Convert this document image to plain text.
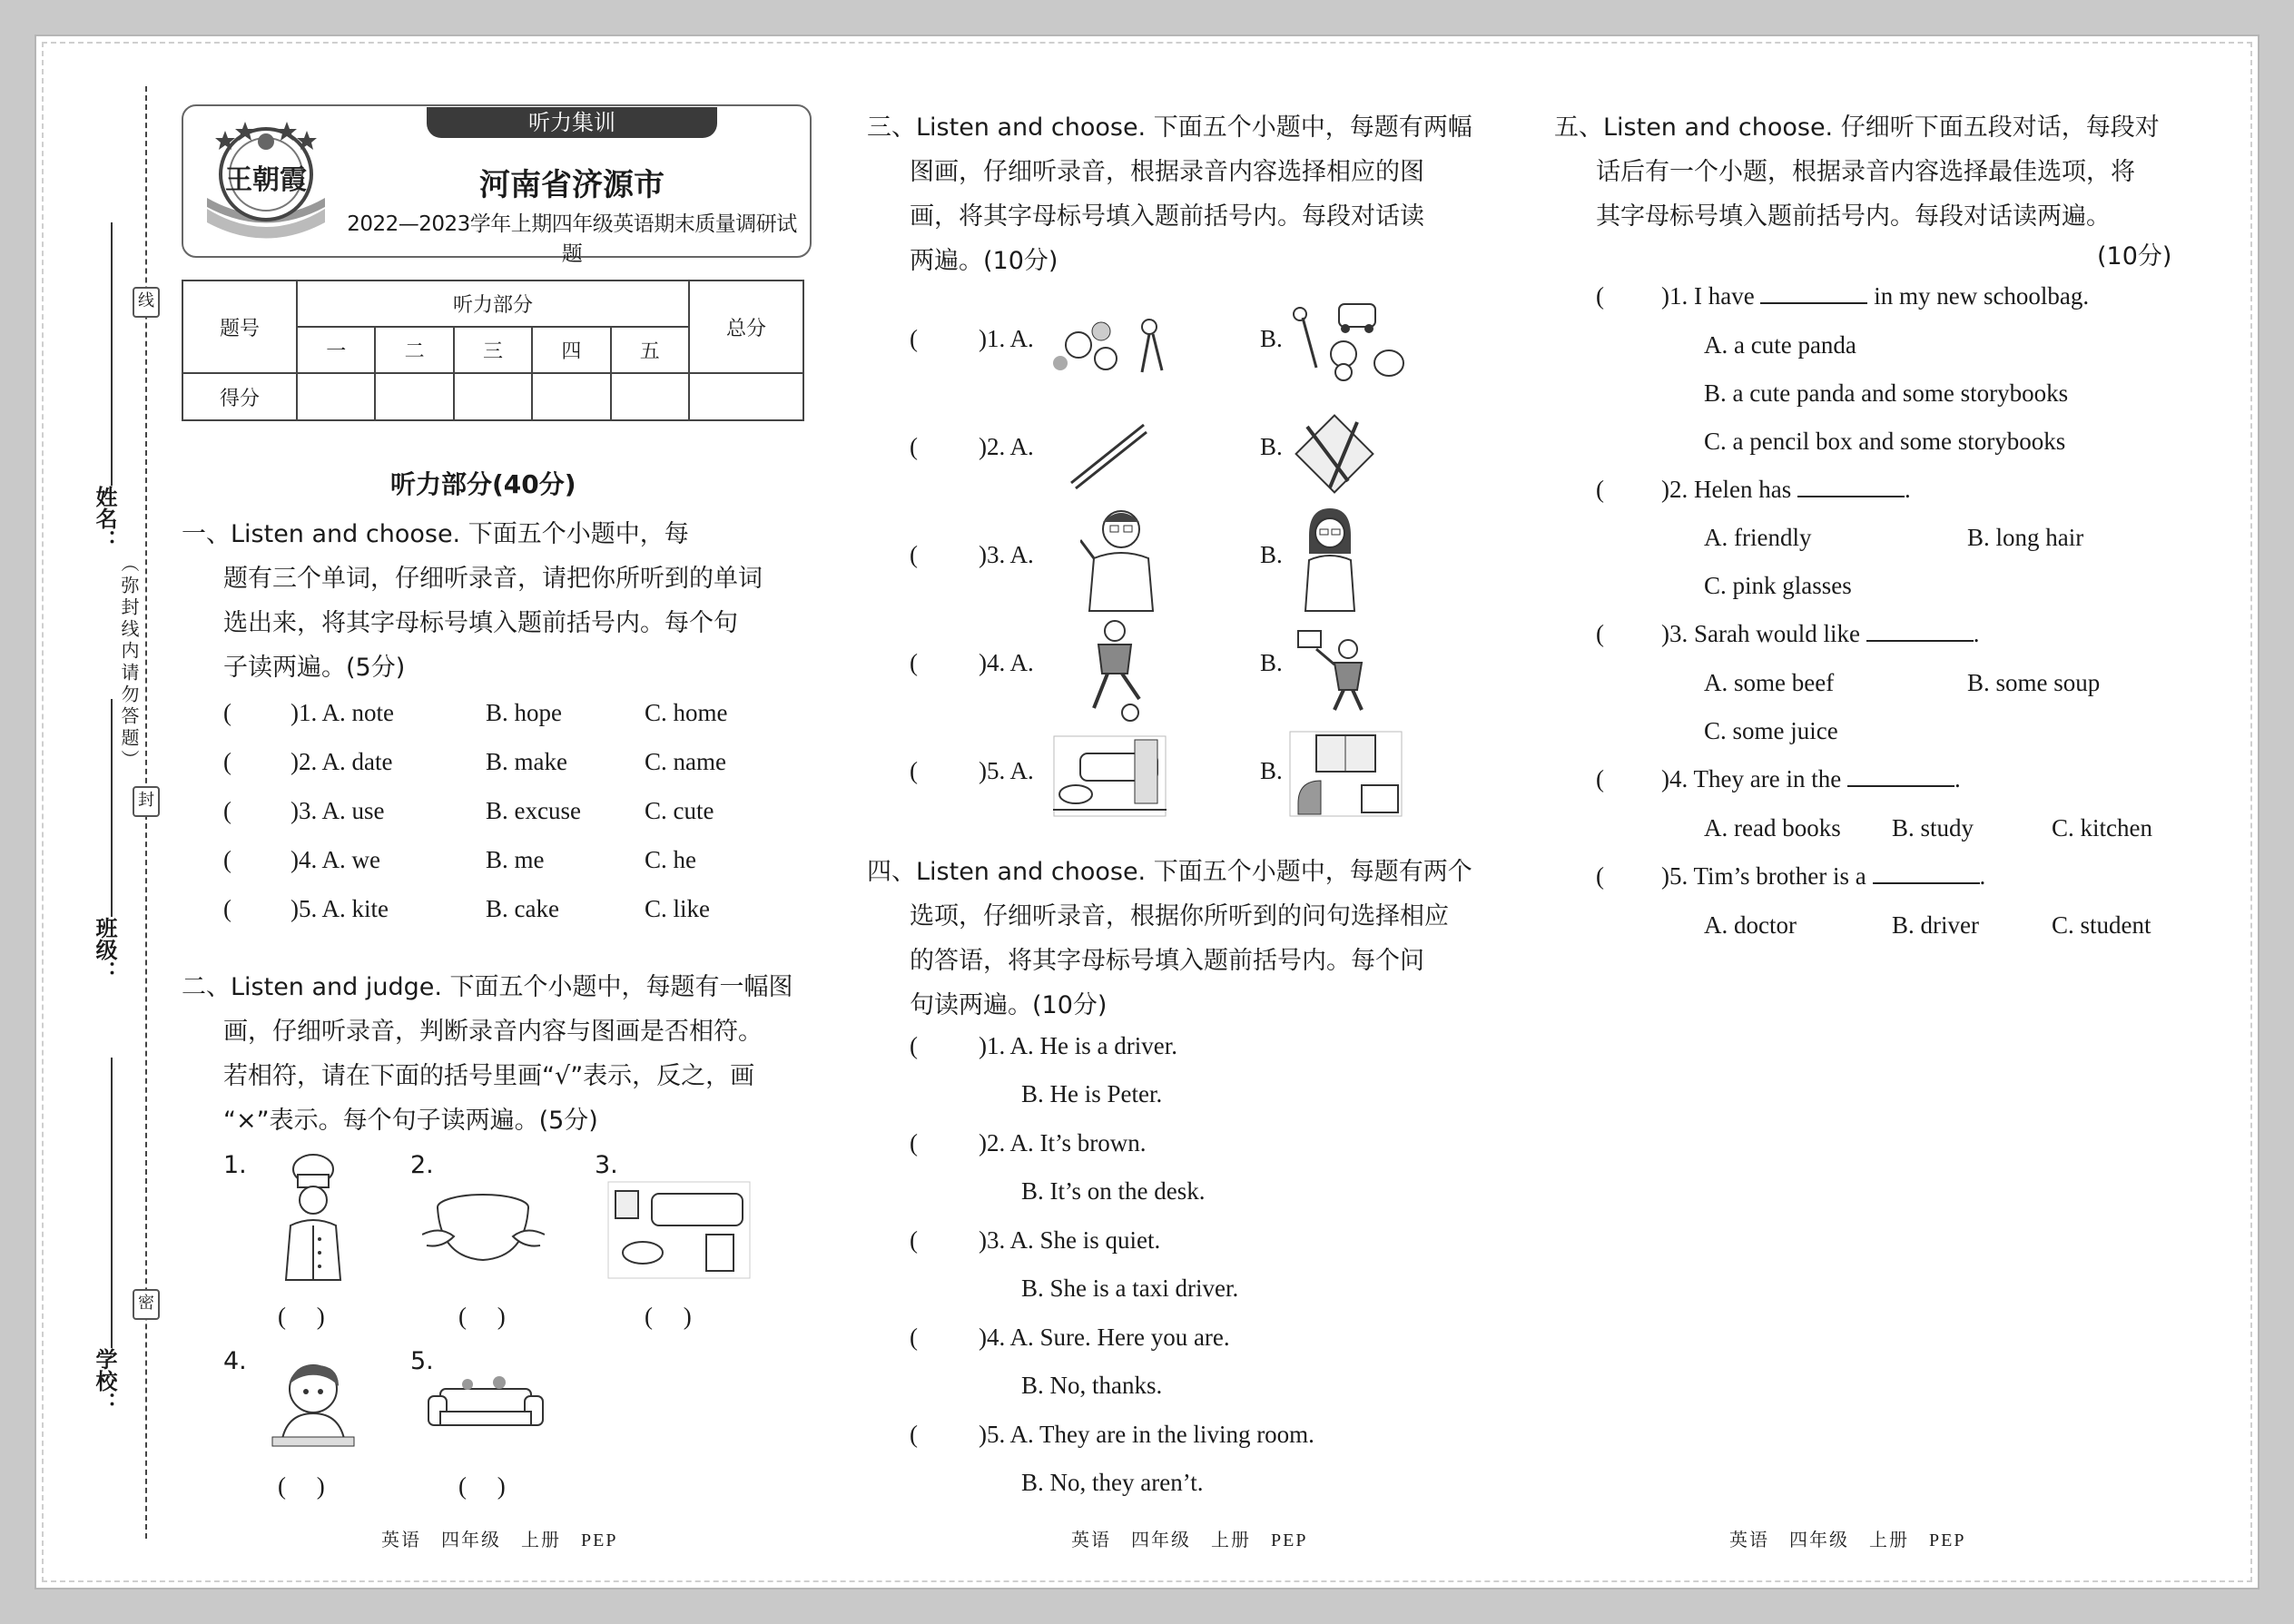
线
封
密
（弥封线内请勿答题）
姓名：
班级：
学校：
听力集训
王朝霞	河南省济源市
2022—2023学年上期四年级英语期末质量调研试题
题号	听力部分					总分
	一	二	三	四	五	
得分						
听力部分(40分)
一、Listen and choose. 下面五个小题中，每
题有三个单词，仔细听录音，请把你所听到的单词
选出来，将其字母标号填入题前括号内。每个句
子读两遍。(5分)
( )1. A. note	B. hope	C. home
( )2. A. date	B. make	C. name
( )3. A. use	B. excuse	C. cute
( )4. A. we	B. me	C. he
( )5. A. kite	B. cake	C. like
二、Listen and judge. 下面五个小题中，每题有一幅图
画，仔细听录音，判断录音内容与图画是否相符。
若相符，请在下面的括号里画“√”表示，反之，画
“×”表示。每个句子读两遍。(5分)
1.	2.	3.
4.	5.
(　 )	(　 )	(　 )
(　 )	(　 )
英语　四年级　上册　PEP
三、Listen and choose. 下面五个小题中，每题有两幅
图画，仔细听录音，根据录音内容选择相应的图
画，将其字母标号填入题前括号内。每段对话读
两遍。(10分)
( )1. A.	B.
( )2. A.	B.
( )3. A.	B.
( )4. A.	B.
( )5. A.	B.
四、Listen and choose. 下面五个小题中，每题有两个
选项，仔细听录音，根据你所听到的问句选择相应
的答语，将其字母标号填入题前括号内。每个问
句读两遍。(10分)
( )1. A. He is a driver.
B. He is Peter.
( )2. A. It’s brown.
B. It’s on the desk.
( )3. A. She is quiet.
B. She is a taxi driver.
( )4. A. Sure. Here you are.
B. No, thanks.
( )5. A. They are in the living room.
B. No, they aren’t.
英语　四年级　上册　PEP
五、Listen and choose. 仔细听下面五段对话，每段对
话后有一个小题，根据录音内容选择最佳选项，将
其字母标号填入题前括号内。每段对话读两遍。
(10分)
( )1. I have	in my new schoolbag.
A. a cute panda
B. a cute panda and some storybooks
C. a pencil box and some storybooks
( )2. Helen has	.
A. friendly	B. long hair
C. pink glasses
( )3. Sarah would like	.
A. some beef	B. some soup
C. some juice
( )4. They are in the	.
A. read books B. study	C. kitchen
( )5. Tim’s brother is a	.
A. doctor	B. driver	C. student
英语　四年级　上册　PEP
